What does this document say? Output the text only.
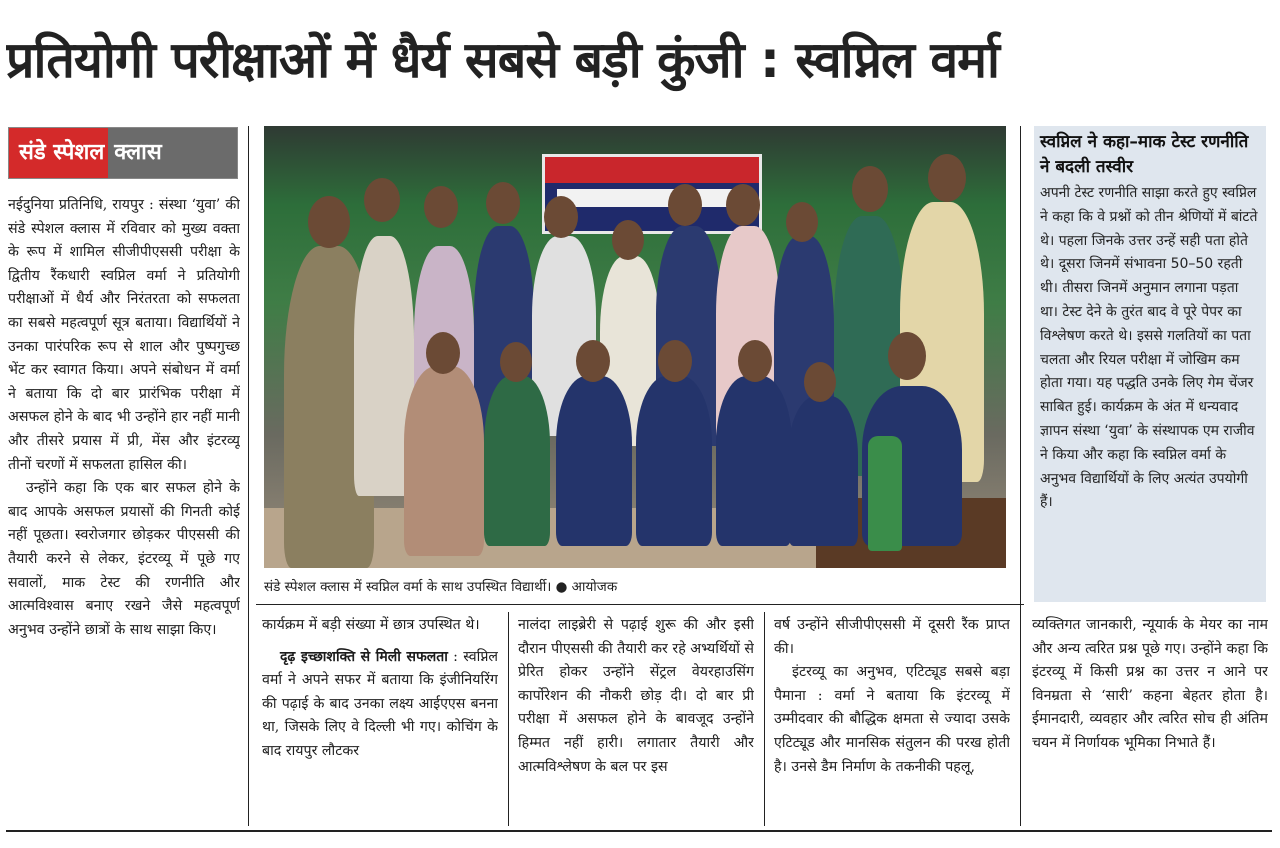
प्रतियोगी परीक्षाओं में धैर्य सबसे बड़ी कुंजी : स्वप्निल वर्मा
संडे स्पेशल क्लास

नईदुनिया प्रतिनिधि, रायपुर : संस्था ‘युवा’ की संडे स्पेशल क्लास में रविवार को मुख्य वक्ता के रूप में शामिल सीजीपीएससी परीक्षा के द्वितीय रैंकधारी स्वप्निल वर्मा ने प्रतियोगी परीक्षाओं में धैर्य और निरंतरता को सफलता का सबसे महत्वपूर्ण सूत्र बताया। विद्यार्थियों ने उनका पारंपरिक रूप से शाल और पुष्पगुच्छ भेंट कर स्वागत किया। अपने संबोधन में वर्मा ने बताया कि दो बार प्रारंभिक परीक्षा में असफल होने के बाद भी उन्होंने हार नहीं मानी और तीसरे प्रयास में प्री, मेंस और इंटरव्यू तीनों चरणों में सफलता हासिल की।

उन्होंने कहा कि एक बार सफल होने के बाद आपके असफल प्रयासों की गिनती कोई नहीं पूछता। स्वरोजगार छोड़कर पीएससी की तैयारी करने से लेकर, इंटरव्यू में पूछे गए सवालों, माक टेस्ट की रणनीति और आत्मविश्वास बनाए रखने जैसे महत्वपूर्ण अनुभव उन्होंने छात्रों के साथ साझा किए।

संडे स्पेशल क्लास में स्वप्निल वर्मा के साथ उपस्थित विद्यार्थी। ● आयोजक
स्वप्निल ने कहा–माक टेस्ट रणनीति ने बदली तस्वीर
अपनी टेस्ट रणनीति साझा करते हुए स्वप्निल ने कहा कि वे प्रश्नों को तीन श्रेणियों में बांटते थे। पहला जिनके उत्तर उन्हें सही पता होते थे। दूसरा जिनमें संभावना 50–50 रहती थी। तीसरा जिनमें अनुमान लगाना पड़ता था। टेस्ट देने के तुरंत बाद वे पूरे पेपर का विश्लेषण करते थे। इससे गलतियों का पता चलता और रियल परीक्षा में जोखिम कम होता गया। यह पद्धति उनके लिए गेम चेंजर साबित हुई। कार्यक्रम के अंत में धन्यवाद ज्ञापन संस्था ‘युवा’ के संस्थापक एम राजीव ने किया और कहा कि स्वप्निल वर्मा के अनुभव विद्यार्थियों के लिए अत्यंत उपयोगी हैं।

कार्यक्रम में बड़ी संख्या में छात्र उपस्थित थे।

दृढ़ इच्छाशक्ति से मिली सफलता : स्वप्निल वर्मा ने अपने सफर में बताया कि इंजीनियरिंग की पढ़ाई के बाद उनका लक्ष्य आईएएस बनना था, जिसके लिए वे दिल्ली भी गए। कोचिंग के बाद रायपुर लौटकर

नालंदा लाइब्रेरी से पढ़ाई शुरू की और इसी दौरान पीएससी की तैयारी कर रहे अभ्यर्थियों से प्रेरित होकर उन्होंने सेंट्रल वेयरहाउसिंग कार्पोरेशन की नौकरी छोड़ दी। दो बार प्री परीक्षा में असफल होने के बावजूद उन्होंने हिम्मत नहीं हारी। लगातार तैयारी और आत्मविश्लेषण के बल पर इस

वर्ष उन्होंने सीजीपीएससी में दूसरी रैंक प्राप्त की।

इंटरव्यू का अनुभव, एटिट्यूड सबसे बड़ा पैमाना : वर्मा ने बताया कि इंटरव्यू में उम्मीदवार की बौद्धिक क्षमता से ज्यादा उसके एटिट्यूड और मानसिक संतुलन की परख होती है। उनसे डैम निर्माण के तकनीकी पहलू,

व्यक्तिगत जानकारी, न्यूयार्क के मेयर का नाम और अन्य त्वरित प्रश्न पूछे गए। उन्होंने कहा कि इंटरव्यू में किसी प्रश्न का उत्तर न आने पर विनम्रता से ‘सारी’ कहना बेहतर होता है। ईमानदारी, व्यवहार और त्वरित सोच ही अंतिम चयन में निर्णायक भूमिका निभाते हैं।
